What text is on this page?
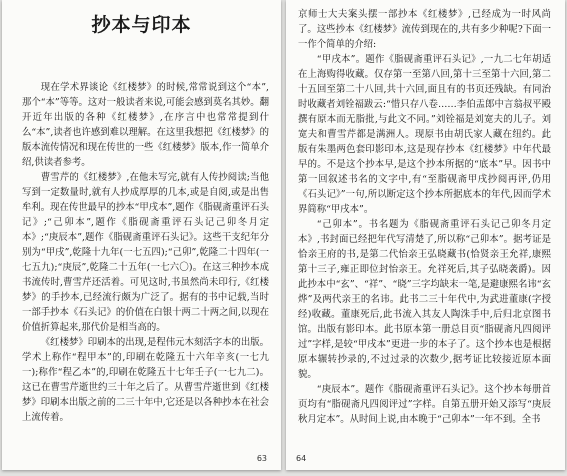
抄本与印本

现在学术界谈论《红楼梦》的时候,常常说到这个“本”,那个“本”等等。这对一般读者来说,可能会感到莫名其妙。翻开近年出版的各种《红楼梦》,在序言中也常常提到什么“本”,读者也许感到难以理解。在这里我想把《红楼梦》的版本流传情况和现在传世的一些《红楼梦》版本,作一简单介绍,供读者参考。

曹雪芹的《红楼梦》,在他未写完,就有人传抄阅读;当他写到一定数量时,就有人抄成厚厚的几本,或是自阅,或是出售牟利。现在传世最早的抄本“甲戌本”,题作《脂砚斋重评石头记》;“己卯本”,题作《脂砚斋重评石头记己卯冬月定本》;“庚辰本”,题作《脂砚斋重评石头记》。这些干支纪年分别为“甲戌”,乾隆十九年(一七五四);“己卯”,乾隆二十四年(一七五九);“庚辰”,乾隆二十五年(一七六〇)。在这三种抄本成书流传时,曹雪芹还活着。可见这时,书虽然尚未印行,《红楼梦》的手抄本,已经流行颇为广泛了。据有的书中记载,当时一部手抄本《石头记》的价值在白银十两二十两之间,以现在价值折算起来,那代价是相当高的。

《红楼梦》印刷本的出现,是程伟元木刻活字本的出版。学术上称作“程甲本”的,印刷在乾隆五十六年辛亥(一七九一);称作“程乙本”的,印刷在乾隆五十七年壬子(一七九二)。这已在曹雪芹逝世约三十年之后了。从曹雪芹逝世到《红楼梦》印刷本出版之前的二三十年中,它还是以各种抄本在社会上流传着。

63

京师士大夫案头摆一部抄本《红楼梦》,已经成为一时风尚了。这些抄本《红楼梦》流传到现在的,共有多少种呢?下面一一作个简单的介绍:

“甲戌本”。题作《脂砚斋重评石头记》,一九二七年胡适在上海购得收藏。仅存第一至第八回,第十三至第十六回,第二十五回至第二十八回,共十六回,面且有的书页还残缺。有同治时收藏者刘铨福跋云:“惜只存八卷……李伯盂郎中言翁叔平殿撰有原本而无脂批,与此文不同。”刘铨福是刘宽夫的儿子。刘宽夫和曹雪芹都是满洲人。现原书由胡氏家人藏在纽约。此版有朱墨两色套印影印本,这是现存抄本《红楼梦》中年代最早的。不是这个抄本早,是这个抄本所据的“底本”早。因书中第一回叙述书名的文字中,有“至脂砚斋甲戌抄阅再评,仍用《石头记》”一句,所以断定这个抄本所据底本的年代,因而学术界简称“甲戌本”。

“己卯本”。书名题为《脂砚斋重评石头记己卯冬月定本》,书封面已经把年代写清楚了,所以称“己卯本”。据考证是恰亲王府的书,是第二代怡亲王弘晓藏书(恰贤亲王允祥,康熙第十三子,雍正即位封怡亲王。允祥死后,其子弘晓袭爵)。因此抄本中“玄”、“祥”、“晓”三字均缺末一笔,是避康熙名讳“玄烨”及两代亲王的名讳。此书二三十年代中,为武进董康(字授经)收藏。董康死后,此书流入其友人陶洙手中,后归北京图书馆。出版有影印本。此书原本第一册总目页“脂砚斋凡四阅评过”字样,是较“甲戌本”更进一步的本子了。这个抄本也是根据原本辗转抄录的,不过过录的次数少,据考证比较接近原本面貌。

“庚辰本”。题作《脂砚斋重评石头记》。这个抄本每册首页均有“脂砚斋凡四阅评过”字样。自第五册开始又添写“庚辰秋月定本”。从时间上说,由本晚于“己卯本”一年不到。全书

64
